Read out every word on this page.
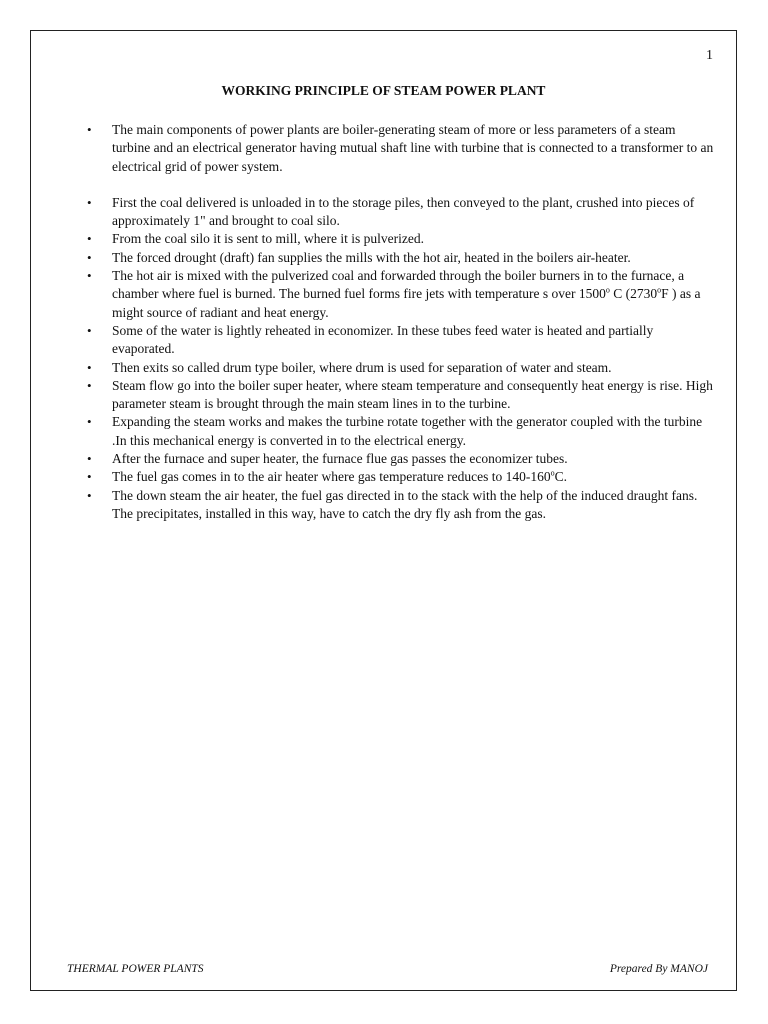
1
WORKING PRINCIPLE OF STEAM POWER PLANT
• The main components of power plants are boiler-generating steam of more or less parameters of a steam turbine and an electrical generator having mutual shaft line with turbine that is connected to a transformer to an electrical grid of power system.
• First the coal delivered is unloaded in to the storage piles, then conveyed to the plant, crushed into pieces of approximately 1" and brought to coal silo.
• From the coal silo it is sent to mill, where it is pulverized.
• The forced drought (draft) fan supplies the mills with the hot air, heated in the boilers air-heater.
• The hot air is mixed with the pulverized coal and forwarded through the boiler burners in to the furnace, a chamber where fuel is burned. The burned fuel forms fire jets with temperature s over 1500$^o$ C (2730$^o$F ) as a might source of radiant and heat energy.
• Some of the water is lightly reheated in economizer. In these tubes feed water is heated and partially evaporated.
• Then exits so called drum type boiler, where drum is used for separation of water and steam.
• Steam flow go into the boiler super heater, where steam temperature and consequently heat energy is rise. High parameter steam is brought through the main steam lines in to the turbine.
• Expanding the steam works and makes the turbine rotate together with the generator coupled with the turbine .In this mechanical energy is converted in to the electrical energy.
• After the furnace and super heater, the furnace flue gas passes the economizer tubes.
• The fuel gas comes in to the air heater where gas temperature reduces to 140-160$^o$C.
• The down steam the air heater, the fuel gas directed in to the stack with the help of the induced draught fans. The precipitates, installed in this way, have to catch the dry fly ash from the gas.
THERMAL POWER PLANTS	Prepared By MANOJ
